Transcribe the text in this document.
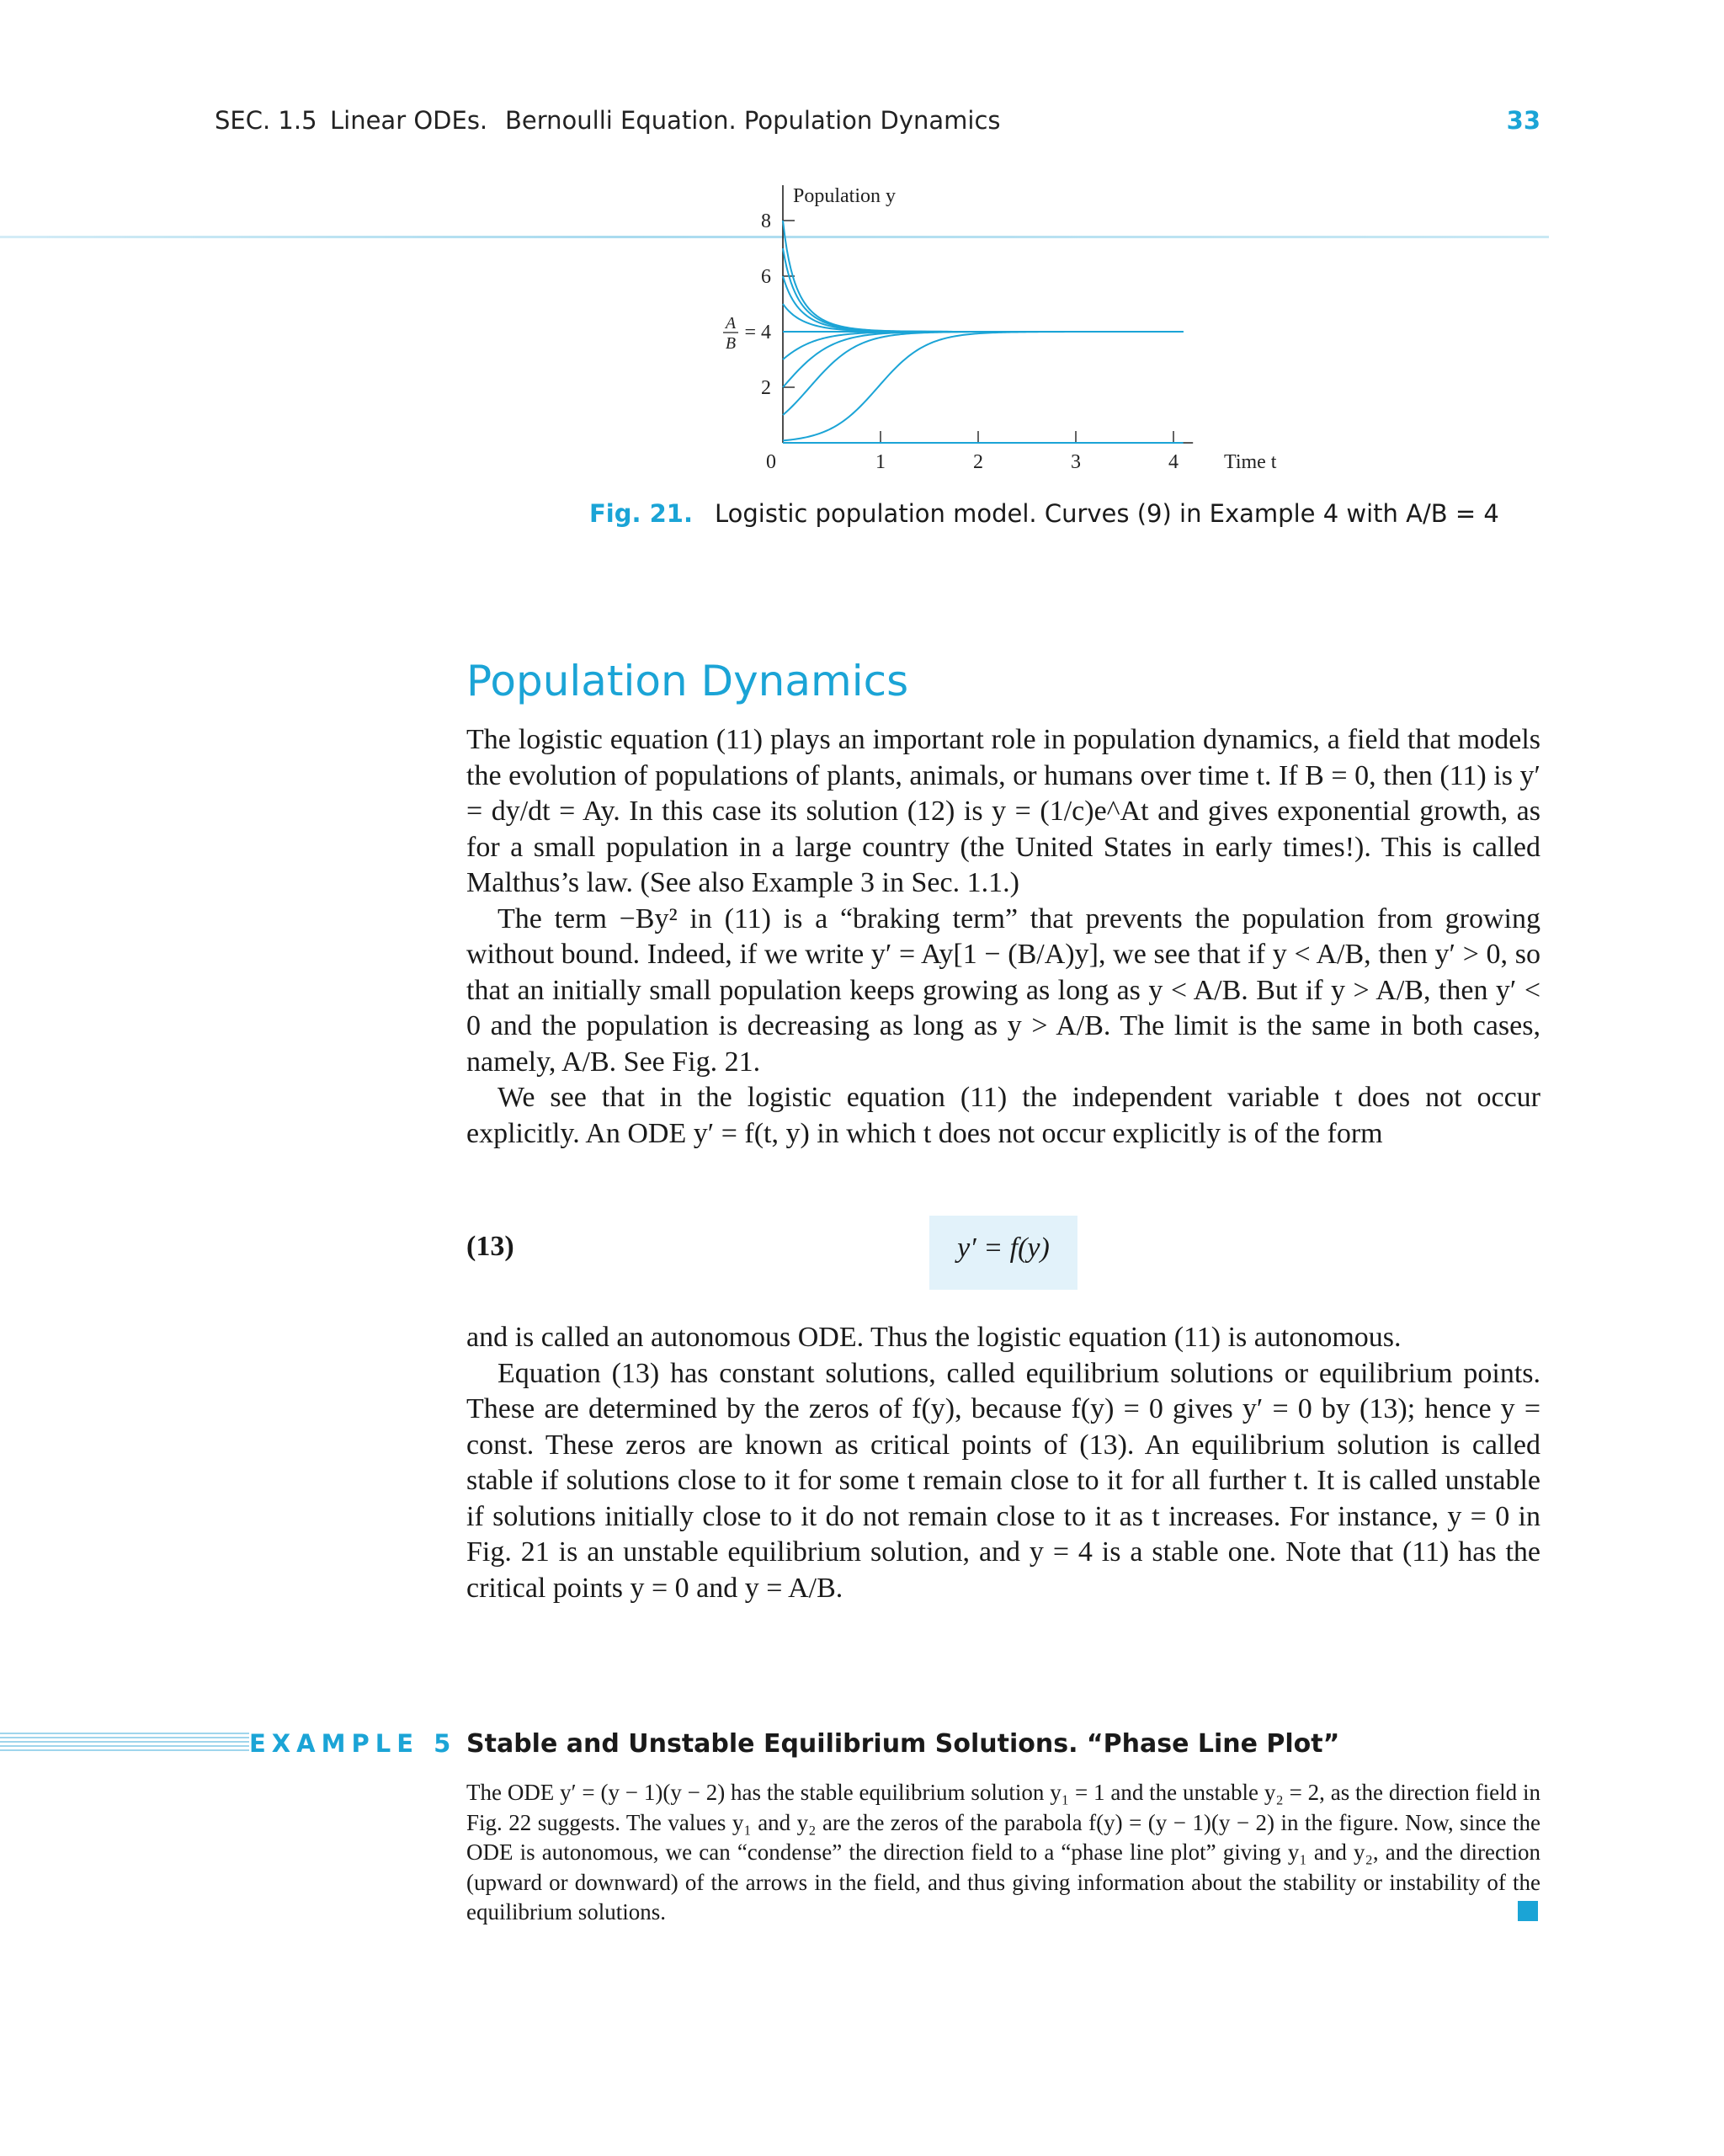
SEC. 1.5 Linear ODEs. Bernoulli Equation. Population Dynamics	33
2
6
8
A
B = 4
0	1	2	3	4
Population y
Time t
Fig. 21. Logistic population model. Curves (9) in Example 4 with A/B = 4
Population Dynamics

The logistic equation (11) plays an important role in population dynamics, a field that models the evolution of populations of plants, animals, or humans over time t. If B = 0, then (11) is y′ = dy/dt = Ay. In this case its solution (12) is y = (1/c)e^At and gives exponential growth, as for a small population in a large country (the United States in early times!). This is called Malthus’s law. (See also Example 3 in Sec. 1.1.)

The term −By² in (11) is a “braking term” that prevents the population from growing without bound. Indeed, if we write y′ = Ay[1 − (B/A)y], we see that if y < A/B, then y′ > 0, so that an initially small population keeps growing as long as y < A/B. But if y > A/B, then y′ < 0 and the population is decreasing as long as y > A/B. The limit is the same in both cases, namely, A/B. See Fig. 21.

We see that in the logistic equation (11) the independent variable t does not occur explicitly. An ODE y′ = f(t, y) in which t does not occur explicitly is of the form

(13)	y′ = f(y)

and is called an autonomous ODE. Thus the logistic equation (11) is autonomous.

Equation (13) has constant solutions, called equilibrium solutions or equilibrium points. These are determined by the zeros of f(y), because f(y) = 0 gives y′ = 0 by (13); hence y = const. These zeros are known as critical points of (13). An equilibrium solution is called stable if solutions close to it for some t remain close to it for all further t. It is called unstable if solutions initially close to it do not remain close to it as t increases. For instance, y = 0 in Fig. 21 is an unstable equilibrium solution, and y = 4 is a stable one. Note that (11) has the critical points y = 0 and y = A/B.

EXAMPLE 5 Stable and Unstable Equilibrium Solutions. “Phase Line Plot”
The ODE y′ = (y − 1)(y − 2) has the stable equilibrium solution y₁ = 1 and the unstable y₂ = 2, as the direction field in Fig. 22 suggests. The values y₁ and y₂ are the zeros of the parabola f(y) = (y − 1)(y − 2) in the figure. Now, since the ODE is autonomous, we can “condense” the direction field to a “phase line plot” giving y₁ and y₂, and the direction (upward or downward) of the arrows in the field, and thus giving information about the stability or instability of the equilibrium solutions.
